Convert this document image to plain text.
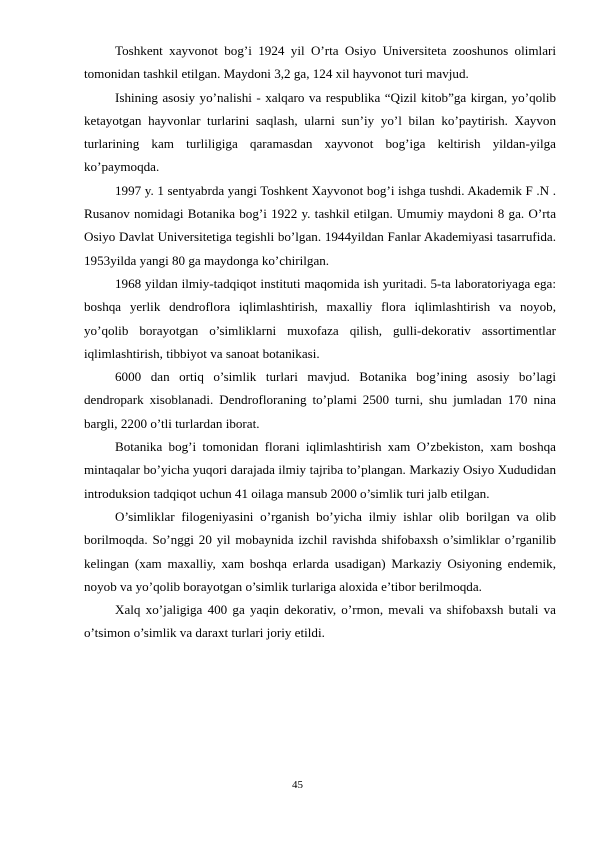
Toshkent xayvonot bog’i 1924 yil O’rta Osiyo Universiteta zooshunos olimlari tomonidan tashkil etilgan. Maydoni 3,2 ga, 124 xil hayvonot turi mavjud.

Ishining asosiy yo’nalishi - xalqaro va respublika “Qizil kitob”ga kirgan, yo’qolib ketayotgan hayvonlar turlarini saqlash, ularni sun’iy yo’l bilan ko’paytirish. Xayvon turlarining kam turliligiga qaramasdan xayvonot bog’iga keltirish yildan-yilga ko’paymoqda.

1997 y. 1 sentyabrda yangi Toshkent Xayvonot bog’i ishga tushdi. Akademik F .N . Rusanov nomidagi Botanika bog’i 1922 y. tashkil etilgan. Umumiy maydoni 8 ga. O’rta Osiyo Davlat Universitetiga tegishli bo’lgan. 1944yildan Fanlar Akademiyasi tasarrufida. 1953yilda yangi 80 ga maydonga ko’chirilgan.

1968 yildan ilmiy-tadqiqot instituti maqomida ish yuritadi. 5-ta laboratoriyaga ega: boshqa yerlik dendroflora iqlimlashtirish, maxalliy flora iqlimlashtirish va noyob, yo’qolib borayotgan o’simliklarni muxofaza qilish, gulli-dekorativ assortimentlar iqlimlashtirish, tibbiyot va sanoat botanikasi.

6000 dan ortiq o’simlik turlari mavjud. Botanika bog’ining asosiy bo’lagi dendropark xisoblanadi. Dendrofloraning to’plami 2500 turni, shu jumladan 170 nina bargli, 2200 o’tli turlardan iborat.

Botanika bog’i tomonidan florani iqlimlashtirish xam O’zbekiston, xam boshqa mintaqalar bo’yicha yuqori darajada ilmiy tajriba to’plangan. Markaziy Osiyo Xududidan introduksion tadqiqot uchun 41 oilaga mansub 2000 o’simlik turi jalb etilgan.

O’simliklar filogeniyasini o’rganish bo’yicha ilmiy ishlar olib borilgan va olib borilmoqda. So’nggi 20 yil mobaynida izchil ravishda shifobaxsh o’simliklar o’rganilib kelingan (xam maxalliy, xam boshqa erlarda usadigan) Markaziy Osiyoning endemik, noyob va yo’qolib borayotgan o’simlik turlariga aloxida e’tibor berilmoqda.

Xalq xo’jaligiga 400 ga yaqin dekorativ, o’rmon, mevali va shifobaxsh butali va o’tsimon o’simlik va daraxt turlari joriy etildi.

45
